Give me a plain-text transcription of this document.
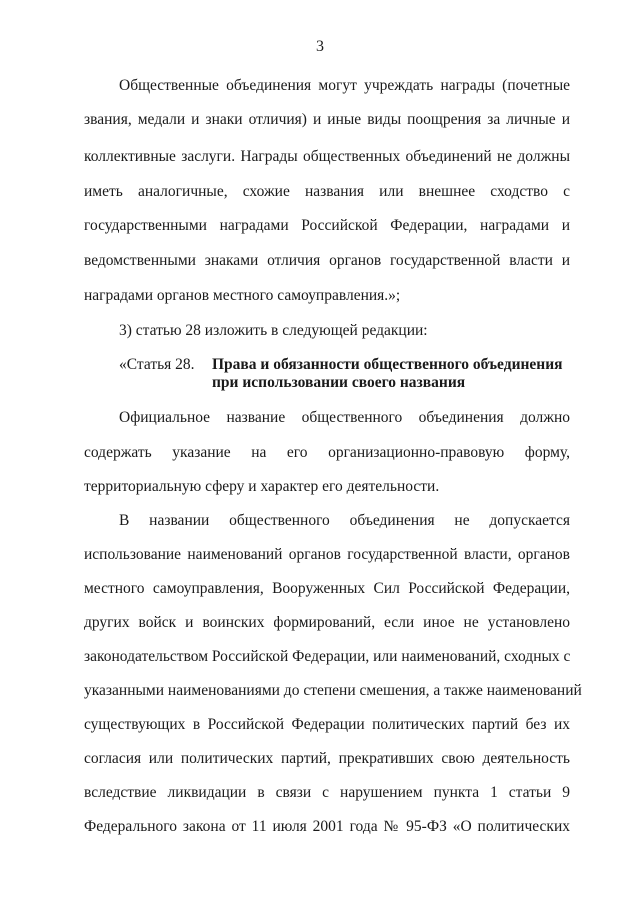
3
Общественные объединения могут учреждать награды (почетные
звания, медали и знаки отличия) и иные виды поощрения за личные и
коллективные заслуги. Награды общественных объединений не должны
иметь аналогичные, схожие названия или внешнее сходство с
государственными наградами Российской Федерации, наградами и
ведомственными знаками отличия органов государственной власти и
наградами органов местного самоуправления.»;
3) статью 28 изложить в следующей редакции:
«Статья 28. Права и обязанности общественного объединения
при использовании своего названия
Официальное название общественного объединения должно
содержать указание на его организационно-правовую форму,
территориальную сферу и характер его деятельности.
В названии общественного объединения не допускается
использование наименований органов государственной власти, органов
местного самоуправления, Вооруженных Сил Российской Федерации,
других войск и воинских формирований, если иное не установлено
законодательством Российской Федерации, или наименований, сходных с
указанными наименованиями до степени смешения, а также наименований
существующих в Российской Федерации политических партий без их
согласия или политических партий, прекративших свою деятельность
вследствие ликвидации в связи с нарушением пункта 1 статьи 9
Федерального закона от 11 июля 2001 года № 95-ФЗ «О политических
